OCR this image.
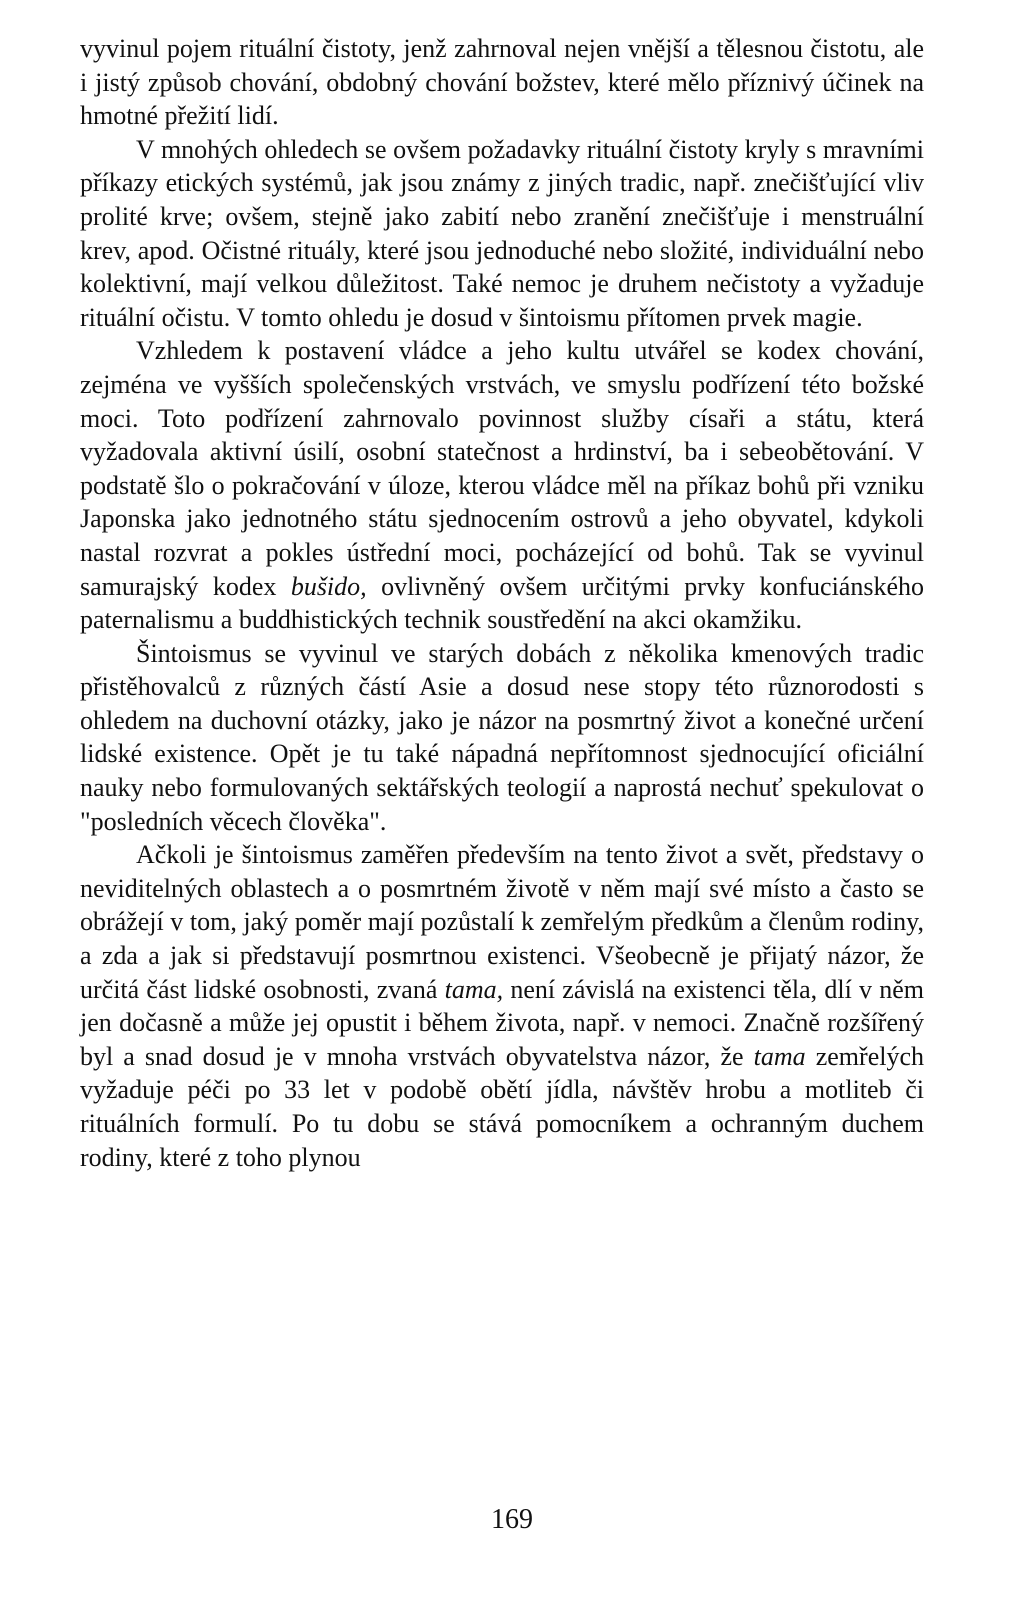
vyvinul pojem rituální čistoty, jenž zahrnoval nejen vnější a tělesnou čistotu, ale i jistý způsob chování, obdobný chování božstev, které mělo příznivý účinek na hmotné přežití lidí.

V mnohých ohledech se ovšem požadavky rituální čistoty kryly s mravními příkazy etických systémů, jak jsou známy z jiných tradic, např. znečišťující vliv prolité krve; ovšem, stejně jako zabití nebo zranění znečišťuje i menstruální krev, apod. Očistné rituály, které jsou jednoduché nebo složité, individuální nebo kolektivní, mají velkou důležitost. Také nemoc je druhem nečistoty a vyžaduje rituální očistu. V tomto ohledu je dosud v šintoismu přítomen prvek magie.

Vzhledem k postavení vládce a jeho kultu utvářel se kodex chování, zejména ve vyšších společenských vrstvách, ve smyslu podřízení této božské moci. Toto podřízení zahrnovalo povinnost služby císaři a státu, která vyžadovala aktivní úsilí, osobní statečnost a hrdinství, ba i sebeobětování. V podstatě šlo o pokračování v úloze, kterou vládce měl na příkaz bohů při vzniku Japonska jako jednotného státu sjednocením ostrovů a jeho obyvatel, kdykoli nastal rozvrat a pokles ústřední moci, pocházející od bohů. Tak se vyvinul samurajský kodex bušido, ovlivněný ovšem určitými prvky konfuciánského paternalismu a buddhistických technik soustředění na akci okamžiku.

Šintoismus se vyvinul ve starých dobách z několika kmenových tradic přistěhovalců z různých částí Asie a dosud nese stopy této různorodosti s ohledem na duchovní otázky, jako je názor na posmrtný život a konečné určení lidské existence. Opět je tu také nápadná nepřítomnost sjednocující oficiální nauky nebo formulovaných sektářských teologií a naprostá nechuť spekulovat o "posledních věcech člověka".

Ačkoli je šintoismus zaměřen především na tento život a svět, představy o neviditelných oblastech a o posmrtném životě v něm mají své místo a často se obrážejí v tom, jaký poměr mají pozůstalí k zemřelým předkům a členům rodiny, a zda a jak si představují posmrtnou existenci. Všeobecně je přijatý názor, že určitá část lidské osobnosti, zvaná tama, není závislá na existenci těla, dlí v něm jen dočasně a může jej opustit i během života, např. v nemoci. Značně rozšířený byl a snad dosud je v mnoha vrstvách obyvatelstva názor, že tama zemřelých vyžaduje péči po 33 let v podobě obětí jídla, návštěv hrobu a motliteb či rituálních formulí. Po tu dobu se stává pomocníkem a ochranným duchem rodiny, které z toho plynou

169
